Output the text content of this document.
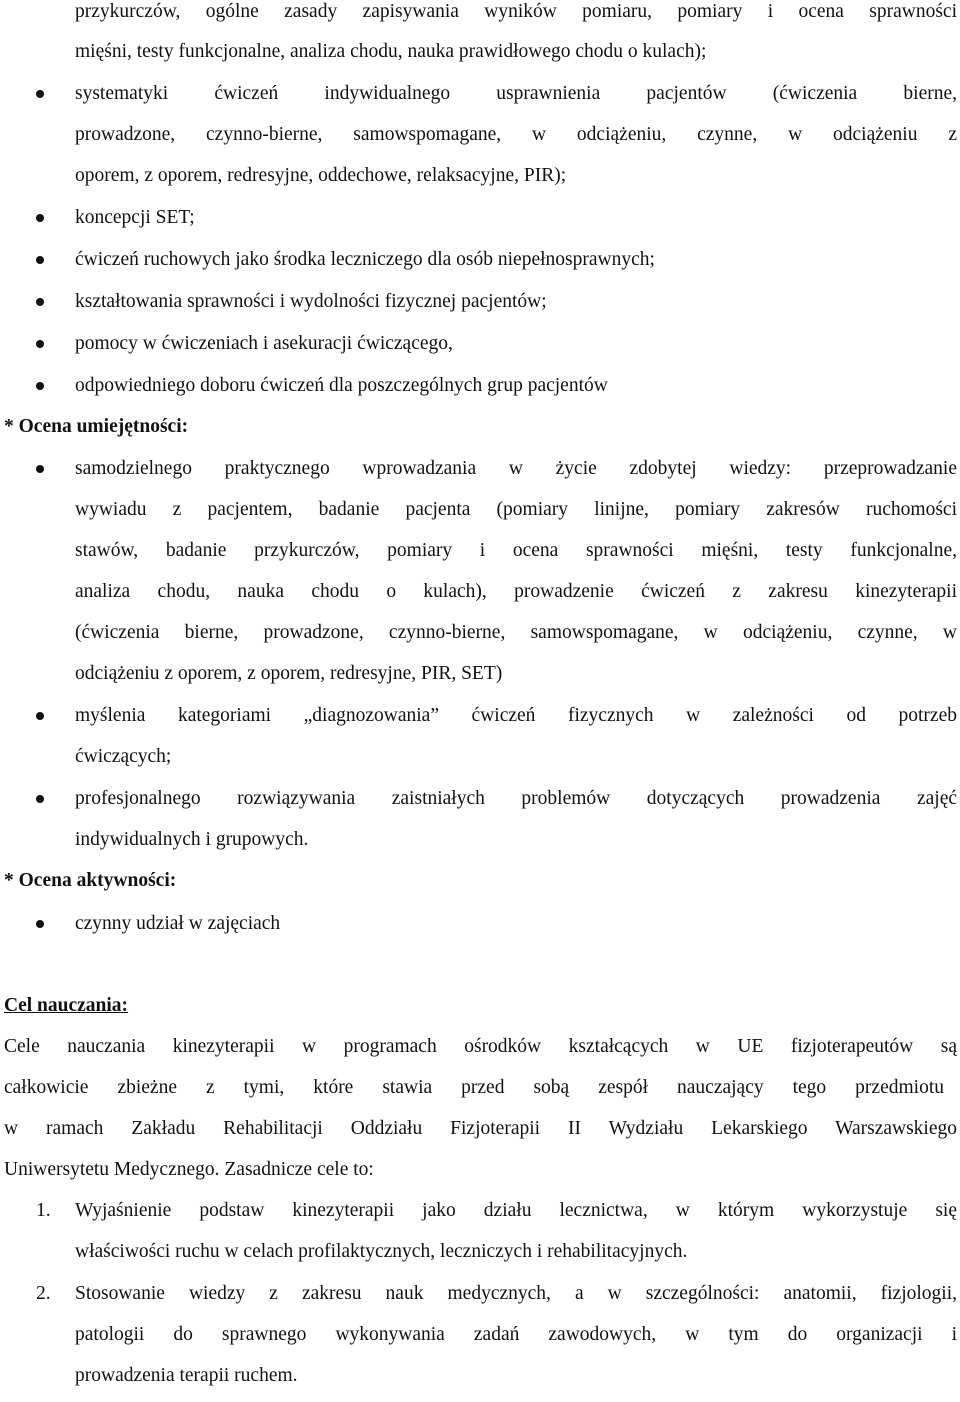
przykurczów, ogólne zasady zapisywania wyników pomiaru, pomiary i ocena sprawności
mięśni, testy funkcjonalne, analiza chodu, nauka prawidłowego chodu o kulach);
systematyki ćwiczeń indywidualnego usprawnienia pacjentów (ćwiczenia bierne,
prowadzone, czynno-bierne, samowspomagane, w odciążeniu, czynne, w odciążeniu z
oporem, z oporem, redresyjne, oddechowe, relaksacyjne, PIR);
koncepcji SET;
ćwiczeń ruchowych jako środka leczniczego dla osób niepełnosprawnych;
kształtowania sprawności i wydolności fizycznej pacjentów;
pomocy w ćwiczeniach i asekuracji ćwiczącego,
odpowiedniego doboru ćwiczeń dla poszczególnych grup pacjentów
* Ocena umiejętności:
samodzielnego praktycznego wprowadzania w życie zdobytej wiedzy: przeprowadzanie
wywiadu z pacjentem, badanie pacjenta (pomiary linijne, pomiary zakresów ruchomości
stawów, badanie przykurczów, pomiary i ocena sprawności mięśni, testy funkcjonalne,
analiza chodu, nauka chodu o kulach), prowadzenie ćwiczeń z zakresu kinezyterapii
(ćwiczenia bierne, prowadzone, czynno-bierne, samowspomagane, w odciążeniu, czynne, w
odciążeniu z oporem, z oporem, redresyjne, PIR, SET)
myślenia kategoriami „diagnozowania” ćwiczeń fizycznych w zależności od potrzeb
ćwiczących;
profesjonalnego rozwiązywania zaistniałych problemów dotyczących prowadzenia zajęć
indywidualnych i grupowych.
* Ocena aktywności:
czynny udział w zajęciach
Cel nauczania:
Cele nauczania kinezyterapii w programach ośrodków kształcących w UE fizjoterapeutów są
całkowicie zbieżne z tymi, które stawia przed sobą zespół nauczający tego przedmiotu
w ramach Zakładu Rehabilitacji Oddziału Fizjoterapii II Wydziału Lekarskiego Warszawskiego
Uniwersytetu Medycznego. Zasadnicze cele to:
1. Wyjaśnienie podstaw kinezyterapii jako działu lecznictwa, w którym wykorzystuje się
właściwości ruchu w celach profilaktycznych, leczniczych i rehabilitacyjnych.
2. Stosowanie wiedzy z zakresu nauk medycznych, a w szczególności: anatomii, fizjologii,
patologii do sprawnego wykonywania zadań zawodowych, w tym do organizacji i
prowadzenia terapii ruchem.
